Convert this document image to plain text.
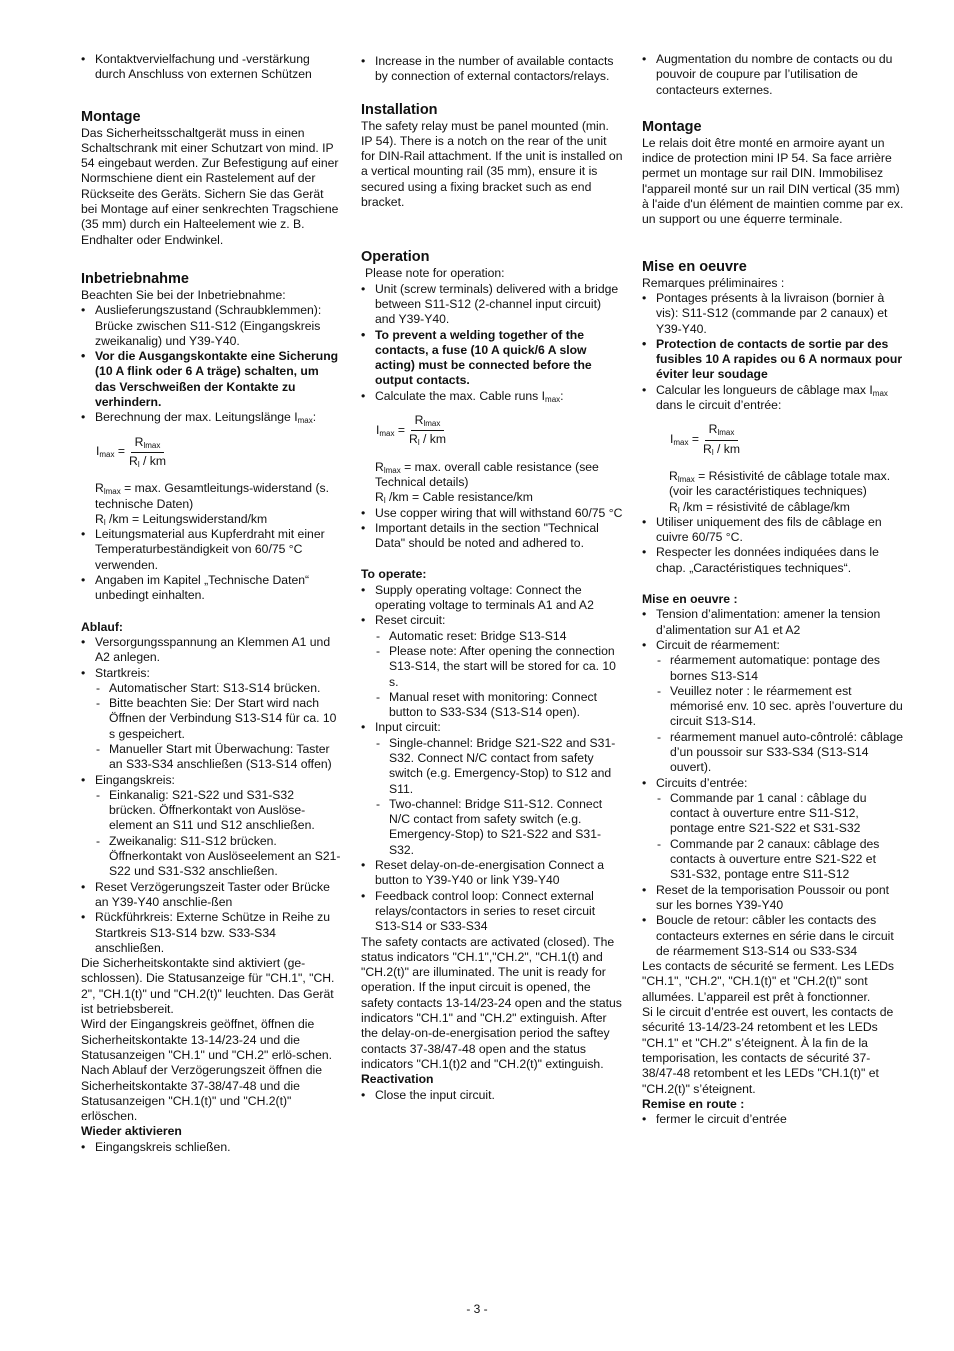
• Kontaktvervielfachung und -verstärkung durch Anschluss von externen Schützen
Montage

Das Sicherheitsschaltgerät muss in einen Schaltschrank mit einer Schutzart von mind. IP 54 eingebaut werden. Zur Befestigung auf einer Normschiene dient ein Rastelement auf der Rückseite des Geräts. Sichern Sie das Gerät bei Montage auf einer senkrechten Tragschiene (35 mm) durch ein Halteelement wie z. B. Endhalter oder Endwinkel.

Inbetriebnahme

Beachten Sie bei der Inbetriebnahme:

• Auslieferungszustand (Schraubklemmen): Brücke zwischen S11-S12 (Eingangskreis zweikanalig) und Y39-Y40.
• Vor die Ausgangskontakte eine Sicherung (10 A flink oder 6 A träge) schalten, um das Verschweißen der Kontakte zu verhindern.
• Berechnung der max. Leitungslänge $I_{max}$:
$I_{max} = \frac{R_{lmax}}{R_l / km}$

$R_{lmax} = \max$. Gesamtleitungs-widerstand (s. technische Daten)

$R_l$ /km = Leitungswiderstand/km

• Leitungsmaterial aus Kupferdraht mit einer Temperaturbeständigkeit von 60/75 °C verwenden.
• Angaben im Kapitel „Technische Daten“ unbedingt einhalten.

Ablauf:

• Versorgungsspannung an Klemmen A1 und A2 anlegen.
• Startkreis:
- Automatischer Start: S13-S14 brücken.
- Bitte beachten Sie: Der Start wird nach Öffnen der Verbindung S13-S14 für ca. 10 s gespeichert.
- Manueller Start mit Überwachung: Taster an S33-S34 anschließen (S13-S14 offen)
• Eingangskreis:
- Einkanalig: S21-S22 und S31-S32 brücken. Öffnerkontakt von Auslöse-element an S11 und S12 anschließen.
- Zweikanalig: S11-S12 brücken. Öffnerkontakt von Auslöseelement an S21-S22 und S31-S32 anschließen.
• Reset Verzögerungszeit Taster oder Brücke an Y39-Y40 anschlie-ßen
• Rückführkreis: Externe Schütze in Reihe zu Startkreis S13-S14 bzw. S33-S34 anschließen.

Die Sicherheitskontakte sind aktiviert (ge-schlossen). Die Statusanzeige für "CH.1", "CH. 2", "CH.1(t)" und "CH.2(t)" leuchten. Das Gerät ist betriebsbereit.

Wird der Eingangskreis geöffnet, öffnen die Sicherheitskontakte 13-14/23-24 und die Statusanzeigen "CH.1" und "CH.2" erlö-schen. Nach Ablauf der Verzögerungszeit öffnen die Sicherheitskontakte 37-38/47-48 und die Statusanzeigen "CH.1(t)" und "CH.2(t)" erlöschen.

Wieder aktivieren

• Eingangskreis schließen.
• Increase in the number of available contacts by connection of external contactors/relays.
Installation

The safety relay must be panel mounted (min. IP 54). There is a notch on the rear of the unit for DIN-Rail attachment. If the unit is installed on a vertical mounting rail (35 mm), ensure it is secured using a fixing bracket such as end bracket.

Operation

Please note for operation:

• Unit (screw terminals) delivered with a bridge between S11-S12 (2-channel input circuit) and Y39-Y40.
• To prevent a welding together of the contacts, a fuse (10 A quick/6 A slow acting) must be connected before the output contacts.
• Calculate the max. Cable runs $I_{max}$:
$I_{max} = \frac{R_{lmax}}{R_l / km}$

$R_{lmax} = \max$. overall cable resistance (see Technical details)

$R_l$ /km = Cable resistance/km

• Use copper wiring that will withstand 60/75 °C
• Important details in the section "Technical Data" should be noted and adhered to.

To operate:

• Supply operating voltage: Connect the operating voltage to terminals A1 and A2
• Reset circuit:
- Automatic reset: Bridge S13-S14
- Please note: After opening the connection S13-S14, the start will be stored for ca. 10 s.
- Manual reset with monitoring: Connect button to S33-S34 (S13-S14 open).
• Input circuit:
- Single-channel: Bridge S21-S22 and S31-S32. Connect N/C contact from safety switch (e.g. Emergency-Stop) to S12 and S11.
- Two-channel: Bridge S11-S12. Connect N/C contact from safety switch (e.g. Emergency-Stop) to S21-S22 and S31-S32.
• Reset delay-on-de-energisation Connect a button to Y39-Y40 or link Y39-Y40
• Feedback control loop: Connect external relays/contactors in series to reset circuit S13-S14 or S33-S34

The safety contacts are activated (closed). The status indicators "CH.1","CH.2", "CH.1(t) and "CH.2(t)" are illuminated. The unit is ready for operation. If the input circuit is opened, the safety contacts 13-14/23-24 open and the status indicators "CH.1" and "CH.2" extinguish. After the delay-on-de-energisation period the saftey contacts 37-38/47-48 open and the status indicators "CH.1(t)2 and "CH.2(t)" extinguish.

Reactivation

• Close the input circuit.
• Augmentation du nombre de contacts ou du pouvoir de coupure par l’utilisation de contacteurs externes.
Montage

Le relais doit être monté en armoire ayant un indice de protection mini IP 54. Sa face arrière permet un montage sur rail DIN. Immobilisez l'appareil monté sur un rail DIN vertical (35 mm) à l'aide d'un élément de maintien comme par ex. un support ou une équerre terminale.

Mise en oeuvre

Remarques préliminaires :

• Pontages présents à la livraison (bornier à vis): S11-S12 (commande par 2 canaux) et Y39-Y40.
• Protection de contacts de sortie par des fusibles 10 A rapides ou 6 A normaux pour éviter leur soudage
• Calcular les longueurs de câblage $\max I_{max}$ dans le circuit d’entrée:
$I_{max} = \frac{R_{lmax}}{R_l / km}$

$R_{lmax}$ = Résistivité de câblage totale max. (voir les caractéristiques techniques)

$R_l$ /km = résistivité de câblage/km

• Utiliser uniquement des fils de câblage en cuivre 60/75 °C.
• Respecter les données indiquées dans le chap. „Caractéristiques techniques“.

Mise en oeuvre :

• Tension d’alimentation: amener la tension d’alimentation sur A1 et A2
• Circuit de réarmement:
- réarmement automatique: pontage des bornes S13-S14
- Veuillez noter : le réarmement est mémorisé env. 10 sec. après l’ouverture du circuit S13-S14.
- réarmement manuel auto-côntrolé: câblage d’un poussoir sur S33-S34 (S13-S14 ouvert).
• Circuits d’entrée:
- Commande par 1 canal : câblage du contact à ouverture entre S11-S12, pontage entre S21-S22 et S31-S32
- Commande par 2 canaux: câblage des contacts à ouverture entre S21-S22 et S31-S32, pontage entre S11-S12
• Reset de la temporisation Poussoir ou pont sur les bornes Y39-Y40
• Boucle de retour: câbler les contacts des contacteurs externes en série dans le circuit de réarmement S13-S14 ou S33-S34

Les contacts de sécurité se ferment. Les LEDs "CH.1", "CH.2", "CH.1(t)" et "CH.2(t)" sont allumées. L’appareil est prêt à fonctionner.

Si le circuit d’entrée est ouvert, les contacts de sécurité 13-14/23-24 retombent et les LEDs "CH.1" et "CH.2" s’éteignent. À la fin de la temporisation, les contacts de sécurité 37-38/47-48 retombent et les LEDs "CH.1(t)" et "CH.2(t)" s’éteignent.

Remise en route :

• fermer le circuit d’entrée
- 3 -
